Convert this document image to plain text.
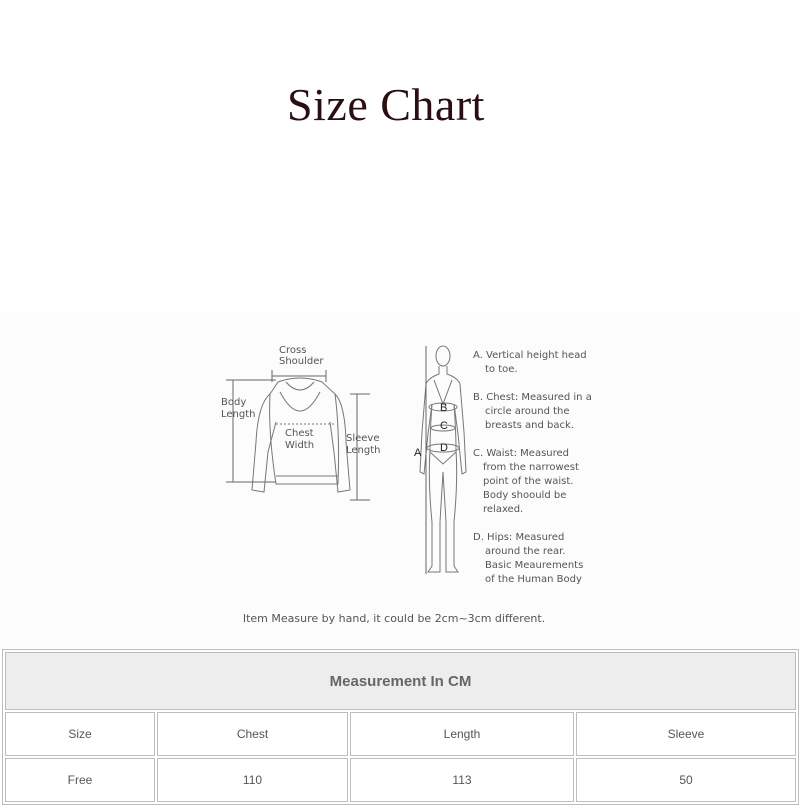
Size Chart
Cross
Shoulder
Body
Length
Chest
Width
Sleeve
Length	A
B
C
D
A. Vertical height head
to toe.
B. Chest: Measured in a
circle around the
breasts and back.
C. Waist: Measured
from the narrowest
point of the waist.
Body shoould be
relaxed.
D. Hips: Measured
around the rear.
Basic Meaurements
of the Human Body
Item Measure by hand, it could be 2cm~3cm different.
Measurement In CM			
Size	Chest	Length	Sleeve
Free	110	113	50
